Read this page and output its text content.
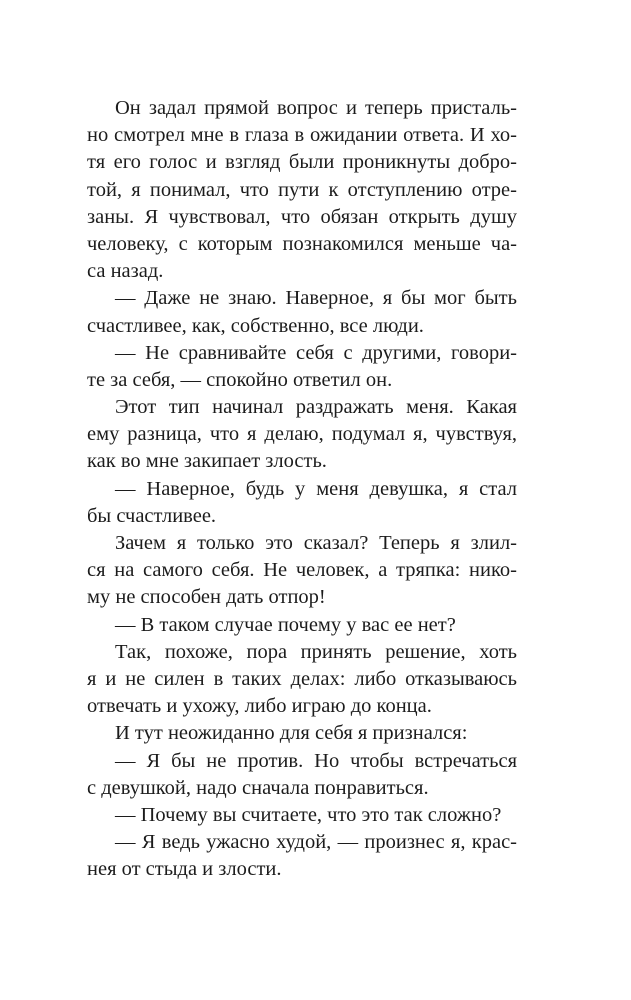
Он задал прямой вопрос и теперь присталь-
но смотрел мне в глаза в ожидании ответа. И хо-
тя его голос и взгляд были проникнуты добро-
той, я понимал, что пути к отступлению отре-
заны. Я чувствовал, что обязан открыть душу
человеку, с которым познакомился меньше ча-
са назад.
— Даже не знаю. Наверное, я бы мог быть
счастливее, как, собственно, все люди.
— Не сравнивайте себя с другими, говори-
те за себя, — спокойно ответил он.
Этот тип начинал раздражать меня. Какая
ему разница, что я делаю, подумал я, чувствуя,
как во мне закипает злость.
— Наверное, будь у меня девушка, я стал
бы счастливее.
Зачем я только это сказал? Теперь я злил-
ся на самого себя. Не человек, а тряпка: нико-
му не способен дать отпор!
— В таком случае почему у вас ее нет?
Так, похоже, пора принять решение, хоть
я и не силен в таких делах: либо отказываюсь
отвечать и ухожу, либо играю до конца.
И тут неожиданно для себя я признался:
— Я бы не против. Но чтобы встречаться
с девушкой, надо сначала понравиться.
— Почему вы считаете, что это так сложно?
— Я ведь ужасно худой, — произнес я, крас-
нея от стыда и злости.
